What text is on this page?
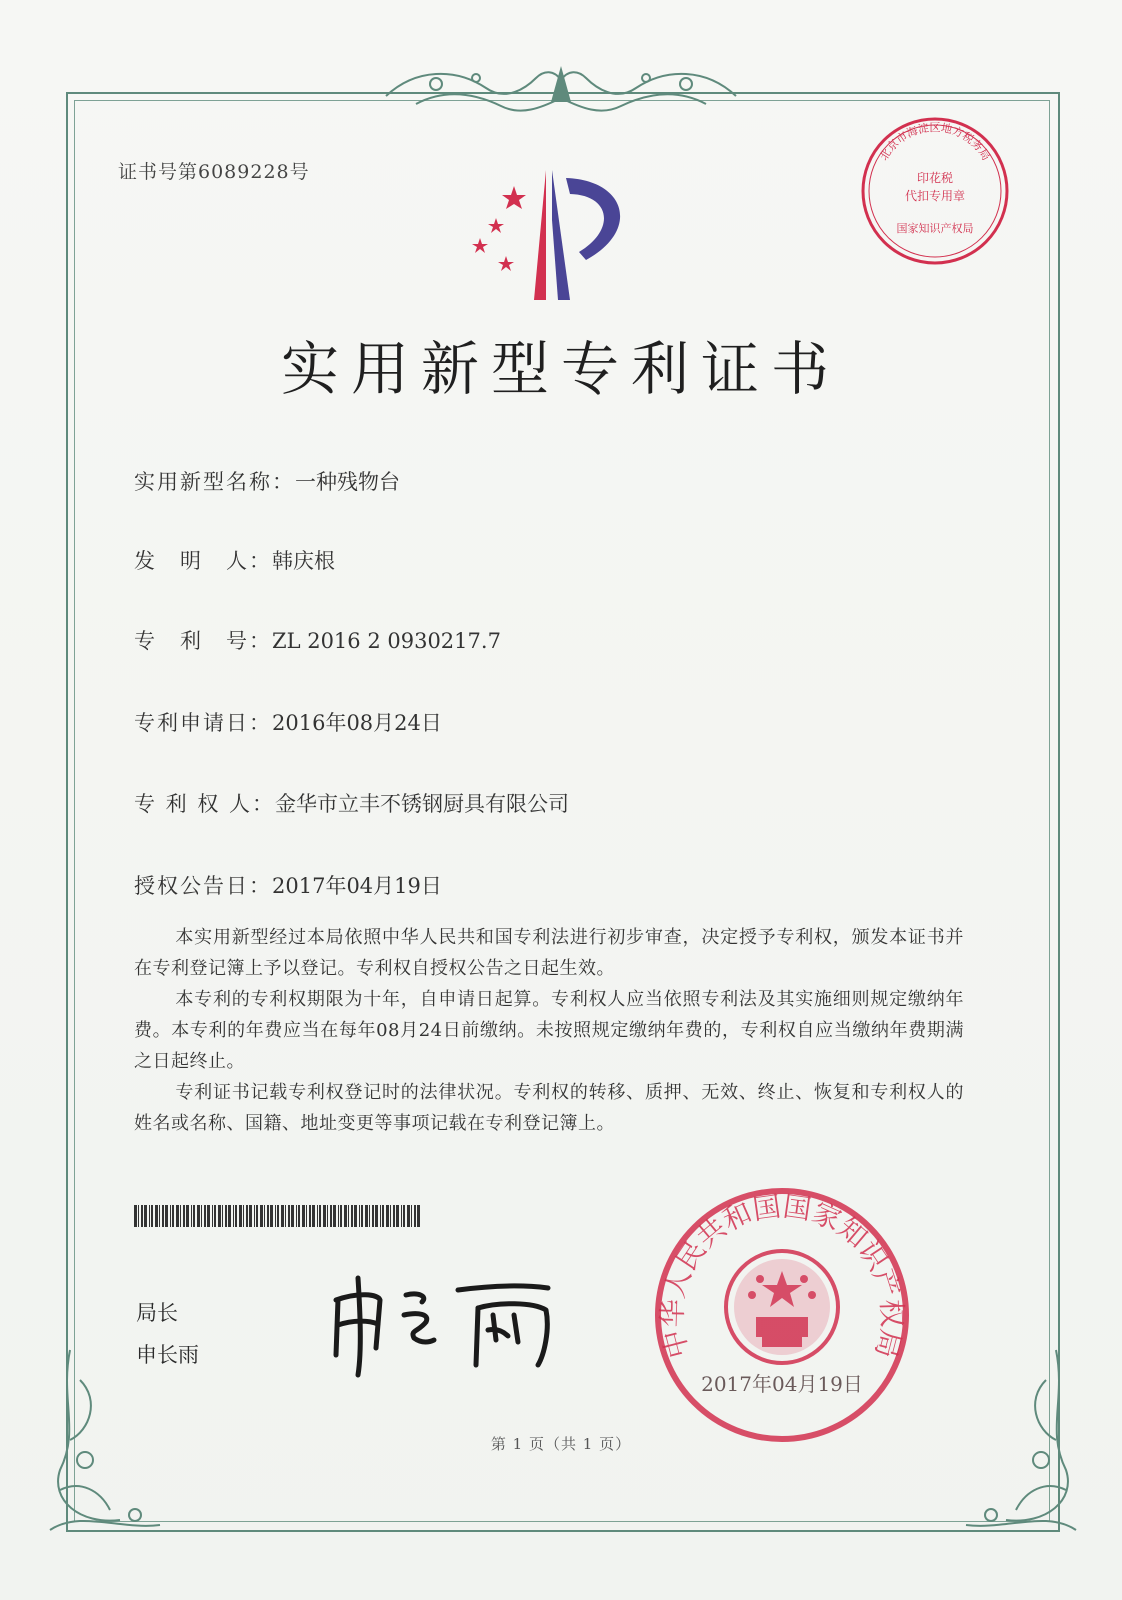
证书号第6089228号
北京市海淀区地方税务局
印花税
代扣专用章
国家知识产权局
实用新型专利证书
实用新型名称：一种残物台
发　明　人：韩庆根
专　利　号：ZL 2016 2 0930217.7
专利申请日：2016年08月24日
专 利 权 人：金华市立丰不锈钢厨具有限公司
授权公告日：2017年04月19日

本实用新型经过本局依照中华人民共和国专利法进行初步审查，决定授予专利权，颁发本证书并在专利登记簿上予以登记。专利权自授权公告之日起生效。

本专利的专利权期限为十年，自申请日起算。专利权人应当依照专利法及其实施细则规定缴纳年费。本专利的年费应当在每年08月24日前缴纳。未按照规定缴纳年费的，专利权自应当缴纳年费期满之日起终止。

专利证书记载专利权登记时的法律状况。专利权的转移、质押、无效、终止、恢复和专利权人的姓名或名称、国籍、地址变更等事项记载在专利登记簿上。

局长
申长雨	中华人民共和国国家知识产权局
2017年04月19日
第 1 页（共 1 页）
